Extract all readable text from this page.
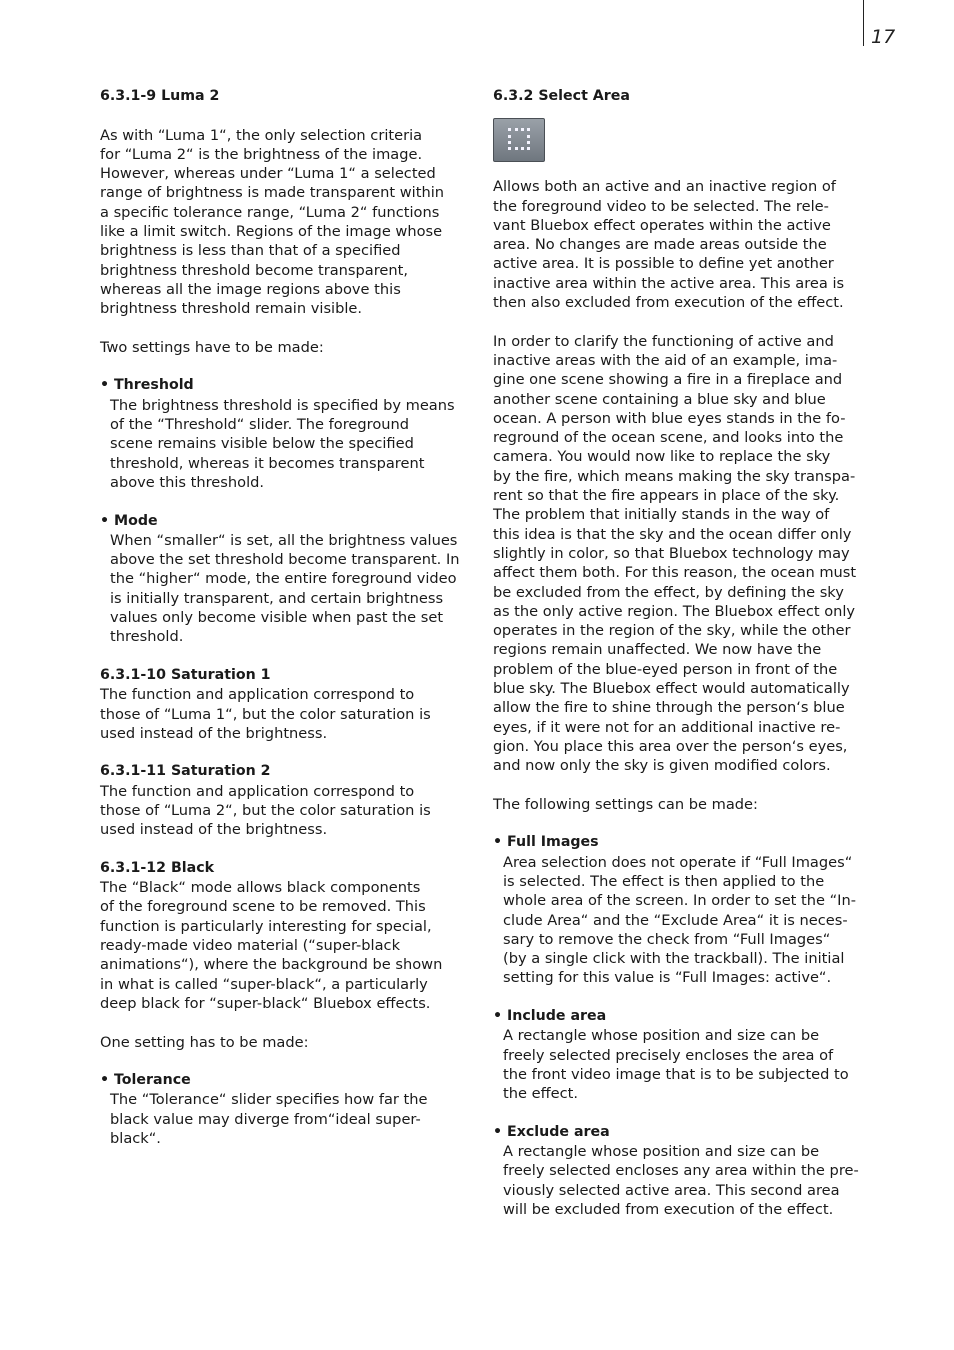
17

6.3.1-9 Luma 2

As with “Luma 1“, the only selection criteria
for “Luma 2“ is the brightness of the image.
However, whereas under “Luma 1“ a selected
range of brightness is made transparent within
a specific tolerance range, “Luma 2“ functions
like a limit switch. Regions of the image whose
brightness is less than that of a specified
brightness threshold become transparent,
whereas all the image regions above this
brightness threshold remain visible.

Two settings have to be made:

• Threshold

The brightness threshold is specified by means
of the “Threshold“ slider. The foreground
scene remains visible below the specified
threshold, whereas it becomes transparent
above this threshold.

• Mode

When “smaller“ is set, all the brightness values
above the set threshold become transparent. In
the “higher“ mode, the entire foreground video
is initially transparent, and certain brightness
values only become visible when past the set
threshold.

6.3.1-10 Saturation 1

The function and application correspond to
those of “Luma 1“, but the color saturation is
used instead of the brightness.

6.3.1-11 Saturation 2

The function and application correspond to
those of “Luma 2“, but the color saturation is
used instead of the brightness.

6.3.1-12 Black

The “Black“ mode allows black components
of the foreground scene to be removed. This
function is particularly interesting for special,
ready-made video material (“super-black
animations“), where the background be shown
in what is called “super-black“, a particularly
deep black for “super-black“ Bluebox effects.

One setting has to be made:

• Tolerance

The “Tolerance“ slider specifies how far the
black value may diverge from“ideal super-
black“.

6.3.2 Select Area

Allows both an active and an inactive region of
the foreground video to be selected. The rele-
vant Bluebox effect operates within the active
area. No changes are made areas outside the
active area. It is possible to define yet another
inactive area within the active area. This area is
then also excluded from execution of the effect.

In order to clarify the functioning of active and
inactive areas with the aid of an example, ima-
gine one scene showing a fire in a fireplace and
another scene containing a blue sky and blue
ocean. A person with blue eyes stands in the fo-
reground of the ocean scene, and looks into the
camera. You would now like to replace the sky
by the fire, which means making the sky transpa-
rent so that the fire appears in place of the sky.
The problem that initially stands in the way of
this idea is that the sky and the ocean differ only
slightly in color, so that Bluebox technology may
affect them both. For this reason, the ocean must
be excluded from the effect, by defining the sky
as the only active region. The Bluebox effect only
operates in the region of the sky, while the other
regions remain unaffected. We now have the
problem of the blue-eyed person in front of the
blue sky. The Bluebox effect would automatically
allow the fire to shine through the person‘s blue
eyes, if it were not for an additional inactive re-
gion. You place this area over the person‘s eyes,
and now only the sky is given modified colors.

The following settings can be made:

• Full Images

Area selection does not operate if “Full Images“
is selected. The effect is then applied to the
whole area of the screen. In order to set the “In-
clude Area“ and the “Exclude Area“ it is neces-
sary to remove the check from “Full Images“
(by a single click with the trackball). The initial
setting for this value is “Full Images: active“.

• Include area

A rectangle whose position and size can be
freely selected precisely encloses the area of
the front video image that is to be subjected to
the effect.

• Exclude area

A rectangle whose position and size can be
freely selected encloses any area within the pre-
viously selected active area. This second area
will be excluded from execution of the effect.
